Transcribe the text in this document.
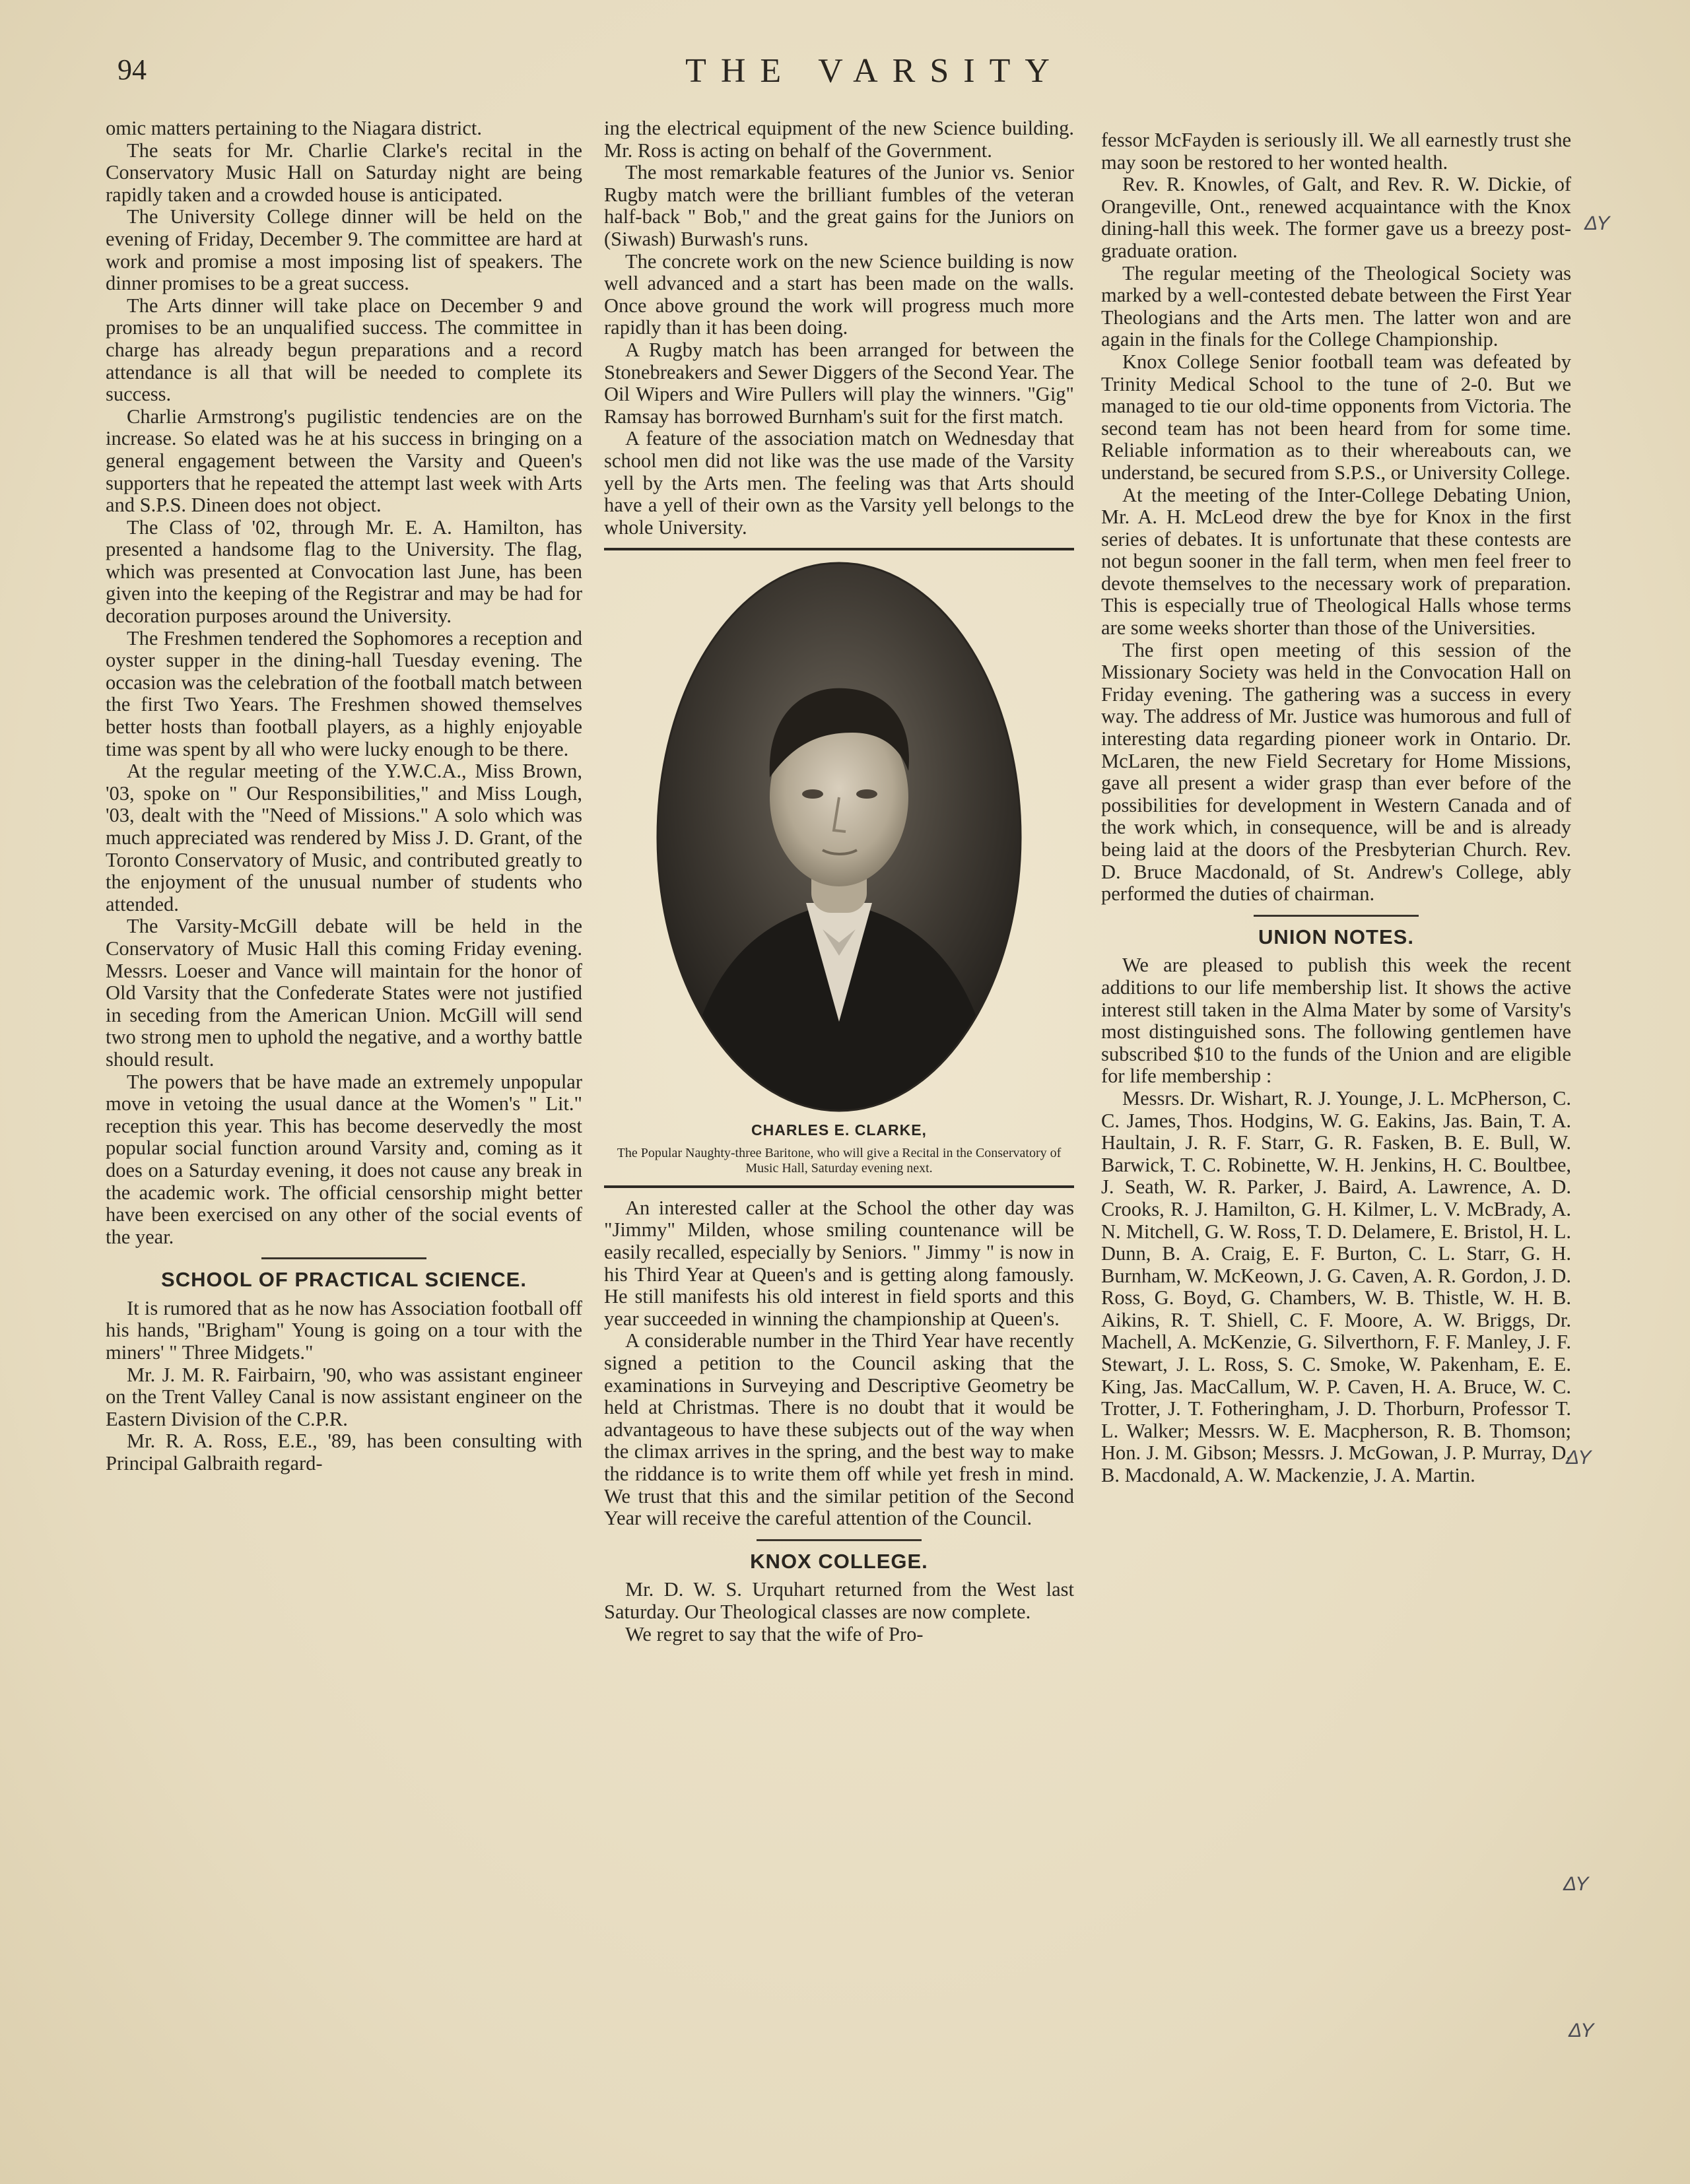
94	THE VARSITY

omic matters pertaining to the Niagara district.

The seats for Mr. Charlie Clarke's recital in the Conservatory Music Hall on Saturday night are being rapidly taken and a crowded house is anticipated.

The University College dinner will be held on the evening of Friday, December 9. The committee are hard at work and promise a most imposing list of speakers. The dinner promises to be a great success.

The Arts dinner will take place on December 9 and promises to be an unqualified success. The committee in charge has already begun preparations and a record attendance is all that will be needed to complete its success.

Charlie Armstrong's pugilistic tendencies are on the increase. So elated was he at his success in bringing on a general engagement between the Varsity and Queen's supporters that he repeated the attempt last week with Arts and S.P.S. Dineen does not object.

The Class of '02, through Mr. E. A. Hamilton, has presented a handsome flag to the University. The flag, which was presented at Convocation last June, has been given into the keeping of the Registrar and may be had for decoration purposes around the University.

The Freshmen tendered the Sophomores a reception and oyster supper in the dining-hall Tuesday evening. The occasion was the celebration of the football match between the first Two Years. The Freshmen showed themselves better hosts than football players, as a highly enjoyable time was spent by all who were lucky enough to be there.

At the regular meeting of the Y.W.C.A., Miss Brown, '03, spoke on " Our Responsibilities," and Miss Lough, '03, dealt with the "Need of Missions." A solo which was much appreciated was rendered by Miss J. D. Grant, of the Toronto Conservatory of Music, and contributed greatly to the enjoyment of the unusual number of students who attended.

The Varsity-McGill debate will be held in the Conservatory of Music Hall this coming Friday evening. Messrs. Loeser and Vance will maintain for the honor of Old Varsity that the Confederate States were not justified in seceding from the American Union. McGill will send two strong men to uphold the negative, and a worthy battle should result.

The powers that be have made an extremely unpopular move in vetoing the usual dance at the Women's " Lit." reception this year. This has become deservedly the most popular social function around Varsity and, coming as it does on a Saturday evening, it does not cause any break in the academic work. The official censorship might better have been exercised on any other of the social events of the year.

SCHOOL OF PRACTICAL SCIENCE.

It is rumored that as he now has Association football off his hands, "Brigham" Young is going on a tour with the miners' " Three Midgets."

Mr. J. M. R. Fairbairn, '90, who was assistant engineer on the Trent Valley Canal is now assistant engineer on the Eastern Division of the C.P.R.

Mr. R. A. Ross, E.E., '89, has been consulting with Principal Galbraith regard-

ing the electrical equipment of the new Science building. Mr. Ross is acting on behalf of the Government.

The most remarkable features of the Junior vs. Senior Rugby match were the brilliant fumbles of the veteran half-back " Bob," and the great gains for the Juniors on (Siwash) Burwash's runs.

The concrete work on the new Science building is now well advanced and a start has been made on the walls. Once above ground the work will progress much more rapidly than it has been doing.

A Rugby match has been arranged for between the Stonebreakers and Sewer Diggers of the Second Year. The Oil Wipers and Wire Pullers will play the winners. "Gig" Ramsay has borrowed Burnham's suit for the first match.

A feature of the association match on Wednesday that school men did not like was the use made of the Varsity yell by the Arts men. The feeling was that Arts should have a yell of their own as the Varsity yell belongs to the whole University.

CHARLES E. CLARKE,
The Popular Naughty-three Baritone, who will give a Recital in the Conservatory of Music Hall, Saturday evening next.

An interested caller at the School the other day was "Jimmy" Milden, whose smiling countenance will be easily recalled, especially by Seniors. " Jimmy " is now in his Third Year at Queen's and is getting along famously. He still manifests his old interest in field sports and this year succeeded in winning the championship at Queen's.

A considerable number in the Third Year have recently signed a petition to the Council asking that the examinations in Surveying and Descriptive Geometry be held at Christmas. There is no doubt that it would be advantageous to have these subjects out of the way when the climax arrives in the spring, and the best way to make the riddance is to write them off while yet fresh in mind. We trust that this and the similar petition of the Second Year will receive the careful attention of the Council.

KNOX COLLEGE.

Mr. D. W. S. Urquhart returned from the West last Saturday. Our Theological classes are now complete.

We regret to say that the wife of Pro-

fessor McFayden is seriously ill. We all earnestly trust she may soon be restored to her wonted health.

Rev. R. Knowles, of Galt, and Rev. R. W. Dickie, of Orangeville, Ont., renewed acquaintance with the Knox dining-hall this week. The former gave us a breezy post-graduate oration.

The regular meeting of the Theological Society was marked by a well-contested debate between the First Year Theologians and the Arts men. The latter won and are again in the finals for the College Championship.

Knox College Senior football team was defeated by Trinity Medical School to the tune of 2-0. But we managed to tie our old-time opponents from Victoria. The second team has not been heard from for some time. Reliable information as to their whereabouts can, we understand, be secured from S.P.S., or University College.

At the meeting of the Inter-College Debating Union, Mr. A. H. McLeod drew the bye for Knox in the first series of debates. It is unfortunate that these contests are not begun sooner in the fall term, when men feel freer to devote themselves to the necessary work of preparation. This is especially true of Theological Halls whose terms are some weeks shorter than those of the Universities.

The first open meeting of this session of the Missionary Society was held in the Convocation Hall on Friday evening. The gathering was a success in every way. The address of Mr. Justice was humorous and full of interesting data regarding pioneer work in Ontario. Dr. McLaren, the new Field Secretary for Home Missions, gave all present a wider grasp than ever before of the possibilities for development in Western Canada and of the work which, in consequence, will be and is already being laid at the doors of the Presbyterian Church. Rev. D. Bruce Macdonald, of St. Andrew's College, ably performed the duties of chairman.

UNION NOTES.

We are pleased to publish this week the recent additions to our life membership list. It shows the active interest still taken in the Alma Mater by some of Varsity's most distinguished sons. The following gentlemen have subscribed $10 to the funds of the Union and are eligible for life membership :

Messrs. Dr. Wishart, R. J. Younge, J. L. McPherson, C. C. James, Thos. Hodgins, W. G. Eakins, Jas. Bain, T. A. Haultain, J. R. F. Starr, G. R. Fasken, B. E. Bull, W. Barwick, T. C. Robinette, W. H. Jenkins, H. C. Boultbee, J. Seath, W. R. Parker, J. Baird, A. Lawrence, A. D. Crooks, R. J. Hamilton, G. H. Kilmer, L. V. McBrady, A. N. Mitchell, G. W. Ross, T. D. Delamere, E. Bristol, H. L. Dunn, B. A. Craig, E. F. Burton, C. L. Starr, G. H. Burnham, W. McKeown, J. G. Caven, A. R. Gordon, J. D. Ross, G. Boyd, G. Chambers, W. B. Thistle, W. H. B. Aikins, R. T. Shiell, C. F. Moore, A. W. Briggs, Dr. Machell, A. McKenzie, G. Silverthorn, F. F. Manley, J. F. Stewart, J. L. Ross, S. C. Smoke, W. Pakenham, E. E. King, Jas. MacCallum, W. P. Caven, H. A. Bruce, W. C. Trotter, J. T. Fotheringham, J. D. Thorburn, Professor T. L. Walker; Messrs. W. E. Macpherson, R. B. Thomson; Hon. J. M. Gibson; Messrs. J. McGowan, J. P. Murray, D. B. Macdonald, A. W. Mackenzie, J. A. Martin.

ΔΥ
ΔΥ
ΔΥ
ΔΥ
